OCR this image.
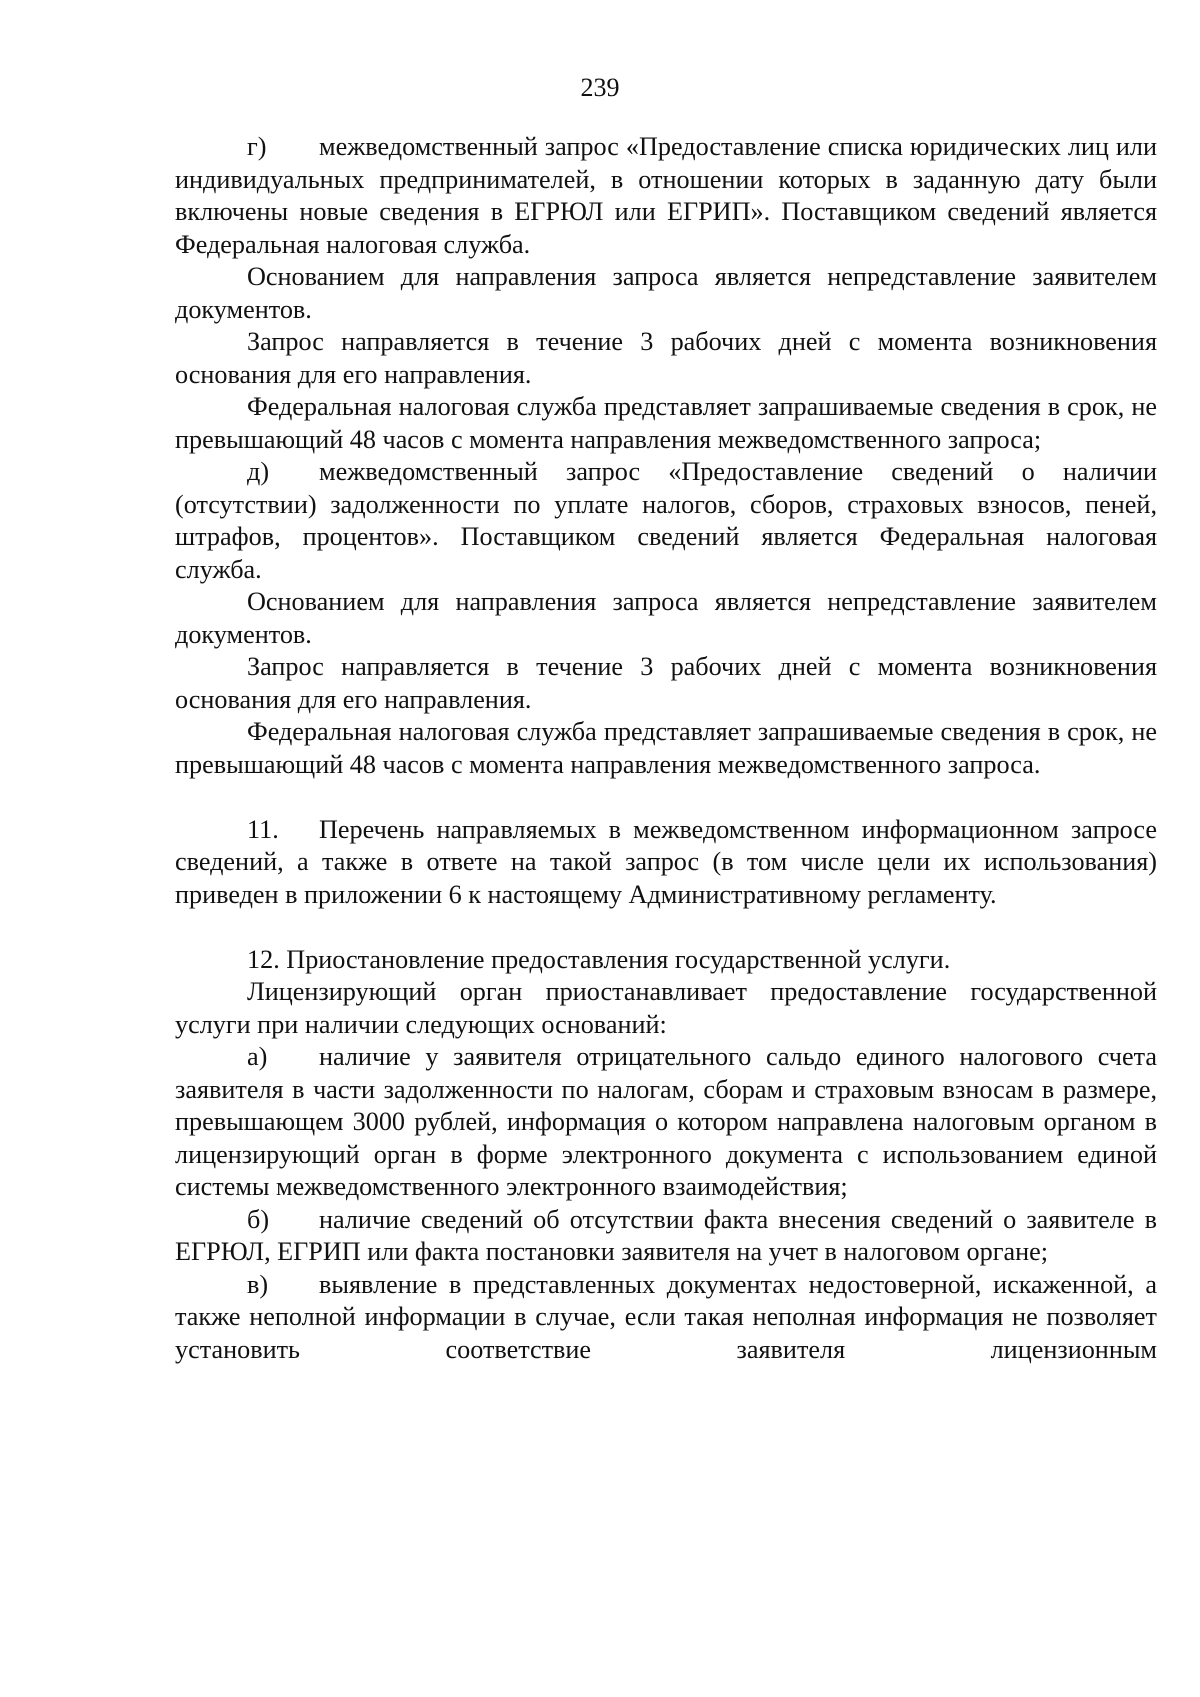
239

г) межведомственный запрос «Предоставление списка юридических лиц или индивидуальных предпринимателей, в отношении которых в заданную дату были включены новые сведения в ЕГРЮЛ или ЕГРИП». Поставщиком сведений является Федеральная налоговая служба.

Основанием для направления запроса является непредставление заявителем документов.

Запрос направляется в течение 3 рабочих дней с момента возникновения основания для его направления.

Федеральная налоговая служба представляет запрашиваемые сведения в срок, не превышающий 48 часов с момента направления межведомственного запроса;

д) межведомственный запрос «Предоставление сведений о наличии (отсутствии) задолженности по уплате налогов, сборов, страховых взносов, пеней, штрафов, процентов». Поставщиком сведений является Федеральная налоговая служба.

Основанием для направления запроса является непредставление заявителем документов.

Запрос направляется в течение 3 рабочих дней с момента возникновения основания для его направления.

Федеральная налоговая служба представляет запрашиваемые сведения в срок, не превышающий 48 часов с момента направления межведомственного запроса.

11. Перечень направляемых в межведомственном информационном запросе сведений, а также в ответе на такой запрос (в том числе цели их использования) приведен в приложении 6 к настоящему Административному регламенту.

12. Приостановление предоставления государственной услуги.

Лицензирующий орган приостанавливает предоставление государственной услуги при наличии следующих оснований:

а) наличие у заявителя отрицательного сальдо единого налогового счета заявителя в части задолженности по налогам, сборам и страховым взносам в размере, превышающем 3000 рублей, информация о котором направлена налоговым органом в лицензирующий орган в форме электронного документа с использованием единой системы межведомственного электронного взаимодействия;

б) наличие сведений об отсутствии факта внесения сведений о заявителе в ЕГРЮЛ, ЕГРИП или факта постановки заявителя на учет в налоговом органе;

в) выявление в представленных документах недостоверной, искаженной, а также неполной информации в случае, если такая неполная информация не позволяет установить соответствие заявителя лицензионным
